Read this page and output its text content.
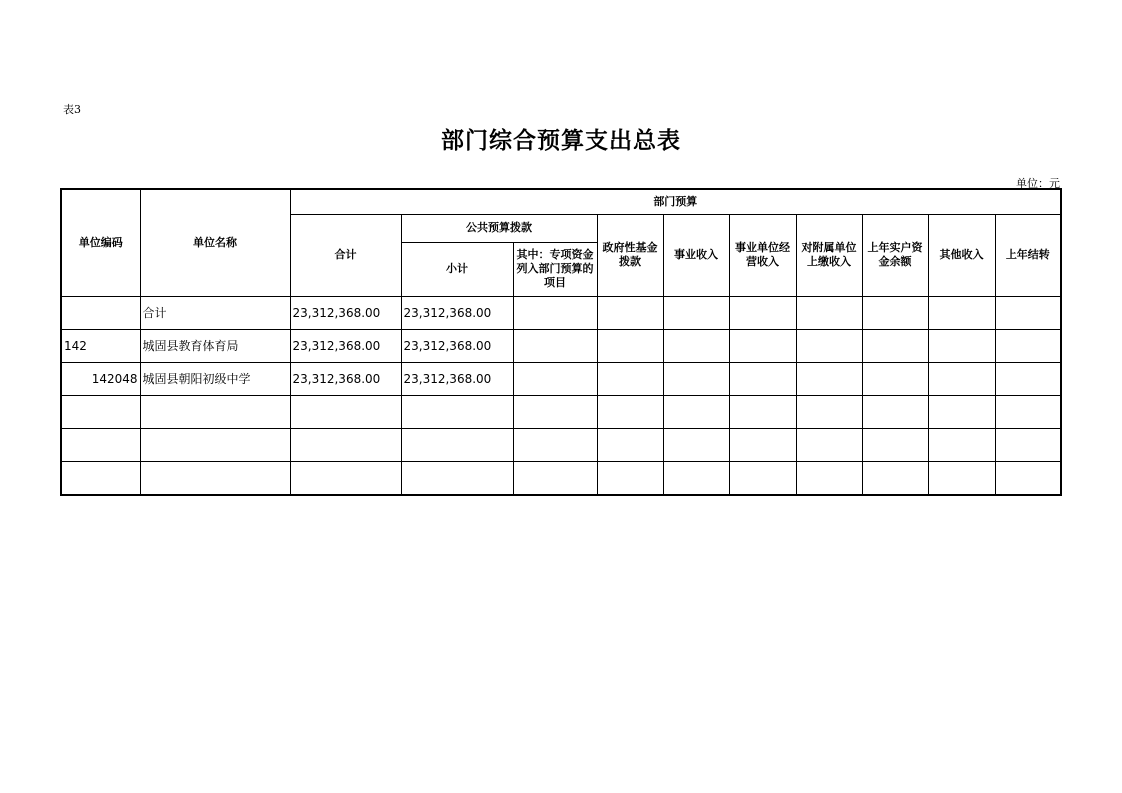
表3
部门综合预算支出总表
单位：元
单位编码	单位名称	部门预算									
		合计	公共预算拨款		政府性基金拨款	事业收入	事业单位经营收入	对附属单位上缴收入	上年实户资金余额	其他收入	上年结转
			小计	其中：专项资金列入部门预算的项目							
	合计	23,312,368.00	23,312,368.00								
142	城固县教育体育局	23,312,368.00	23,312,368.00								
142048	城固县朝阳初级中学	23,312,368.00	23,312,368.00								
